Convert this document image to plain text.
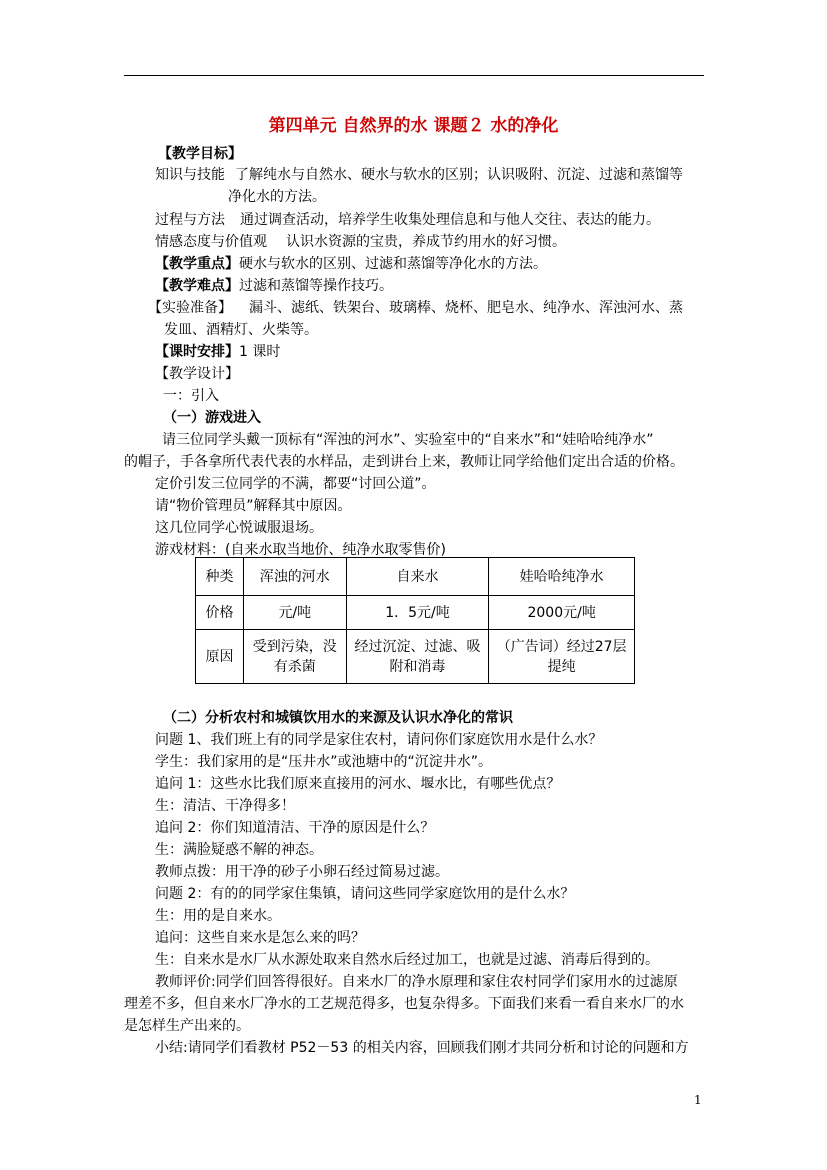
第四单元 自然界的水 课题２ 水的净化
【教学目标】
知识与技能 了解纯水与自然水、硬水与软水的区别；认识吸附、沉淀、过滤和蒸馏等
净化水的方法。
过程与方法 通过调查活动，培养学生收集处理信息和与他人交往、表达的能力。
情感态度与价值观 认识水资源的宝贵，养成节约用水的好习惯。
【教学重点】硬水与软水的区别、过滤和蒸馏等净化水的方法。
【教学难点】过滤和蒸馏等操作技巧。
【实验准备】 漏斗、滤纸、铁架台、玻璃棒、烧杯、肥皂水、纯净水、浑浊河水、蒸
发皿、酒精灯、火柴等。
【课时安排】1 课时
【教学设计】
一：引入
（一）游戏进入
请三位同学头戴一顶标有“浑浊的河水”、实验室中的“自来水”和“娃哈哈纯净水”
的帽子，手各拿所代表代表的水样品，走到讲台上来，教师让同学给他们定出合适的价格。
定价引发三位同学的不满，都要“讨回公道”。
请“物价管理员”解释其中原因。
这几位同学心悦诚服退场。
游戏材料：(自来水取当地价、纯净水取零售价)
种类	浑浊的河水	自来水	娃哈哈纯净水
价格	元/吨	1．5元/吨	2000元/吨
原因	受到污染，没有杀菌	经过沉淀、过滤、吸附和消毒	（广告词）经过27层提纯
（二）分析农村和城镇饮用水的来源及认识水净化的常识
问题 1、我们班上有的同学是家住农村，请问你们家庭饮用水是什么水？
学生：我们家用的是“压井水”或池塘中的“沉淀井水”。
追问 1：这些水比我们原来直接用的河水、堰水比，有哪些优点？
生：清洁、干净得多！
追问 2：你们知道清洁、干净的原因是什么？
生：满脸疑惑不解的神态。
教师点拨：用干净的砂子小卵石经过简易过滤。
问题 2：有的的同学家住集镇，请问这些同学家庭饮用的是什么水？
生：用的是自来水。
追问：这些自来水是怎么来的吗？
生：自来水是水厂从水源处取来自然水后经过加工，也就是过滤、消毒后得到的。
教师评价:同学们回答得很好。自来水厂的净水原理和家住农村同学们家用水的过滤原
理差不多，但自来水厂净水的工艺规范得多，也复杂得多。下面我们来看一看自来水厂的水
是怎样生产出来的。
小结:请同学们看教材 P52－53 的相关内容，回顾我们刚才共同分析和讨论的问题和方
1
